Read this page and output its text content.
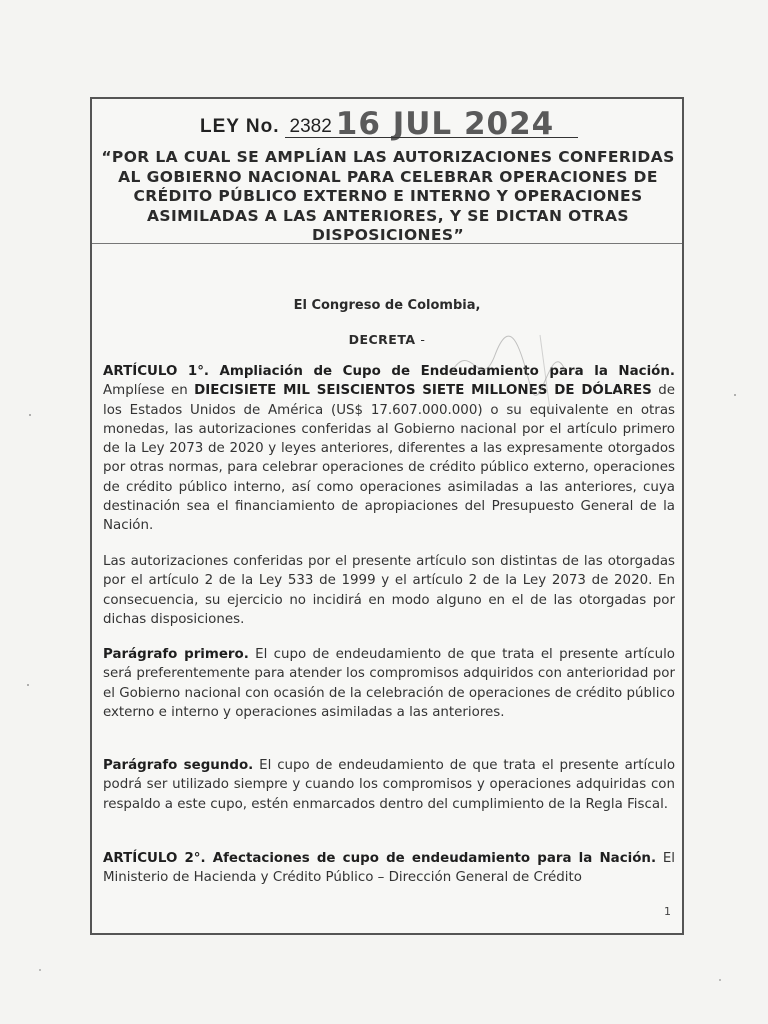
LEY No. 2382 16 JUL 2024

“POR LA CUAL SE AMPLÍAN LAS AUTORIZACIONES CONFERIDAS AL GOBIERNO NACIONAL PARA CELEBRAR OPERACIONES DE CRÉDITO PÚBLICO EXTERNO E INTERNO Y OPERACIONES ASIMILADAS A LAS ANTERIORES, Y SE DICTAN OTRAS DISPOSICIONES”

El Congreso de Colombia,
DECRETA -

ARTÍCULO 1°. Ampliación de Cupo de Endeudamiento para la Nación. Amplíese en DIECISIETE MIL SEISCIENTOS SIETE MILLONES DE DÓLARES de los Estados Unidos de América (US$ 17.607.000.000) o su equivalente en otras monedas, las autorizaciones conferidas al Gobierno nacional por el artículo primero de la Ley 2073 de 2020 y leyes anteriores, diferentes a las expresamente otorgados por otras normas, para celebrar operaciones de crédito público externo, operaciones de crédito público interno, así como operaciones asimiladas a las anteriores, cuya destinación sea el financiamiento de apropiaciones del Presupuesto General de la Nación.

Las autorizaciones conferidas por el presente artículo son distintas de las otorgadas por el artículo 2 de la Ley 533 de 1999 y el artículo 2 de la Ley 2073 de 2020. En consecuencia, su ejercicio no incidirá en modo alguno en el de las otorgadas por dichas disposiciones.

Parágrafo primero. El cupo de endeudamiento de que trata el presente artículo será preferentemente para atender los compromisos adquiridos con anterioridad por el Gobierno nacional con ocasión de la celebración de operaciones de crédito público externo e interno y operaciones asimiladas a las anteriores.

Parágrafo segundo. El cupo de endeudamiento de que trata el presente artículo podrá ser utilizado siempre y cuando los compromisos y operaciones adquiridas con respaldo a este cupo, estén enmarcados dentro del cumplimiento de la Regla Fiscal.

ARTÍCULO 2°. Afectaciones de cupo de endeudamiento para la Nación. El Ministerio de Hacienda y Crédito Público – Dirección General de Crédito

1
